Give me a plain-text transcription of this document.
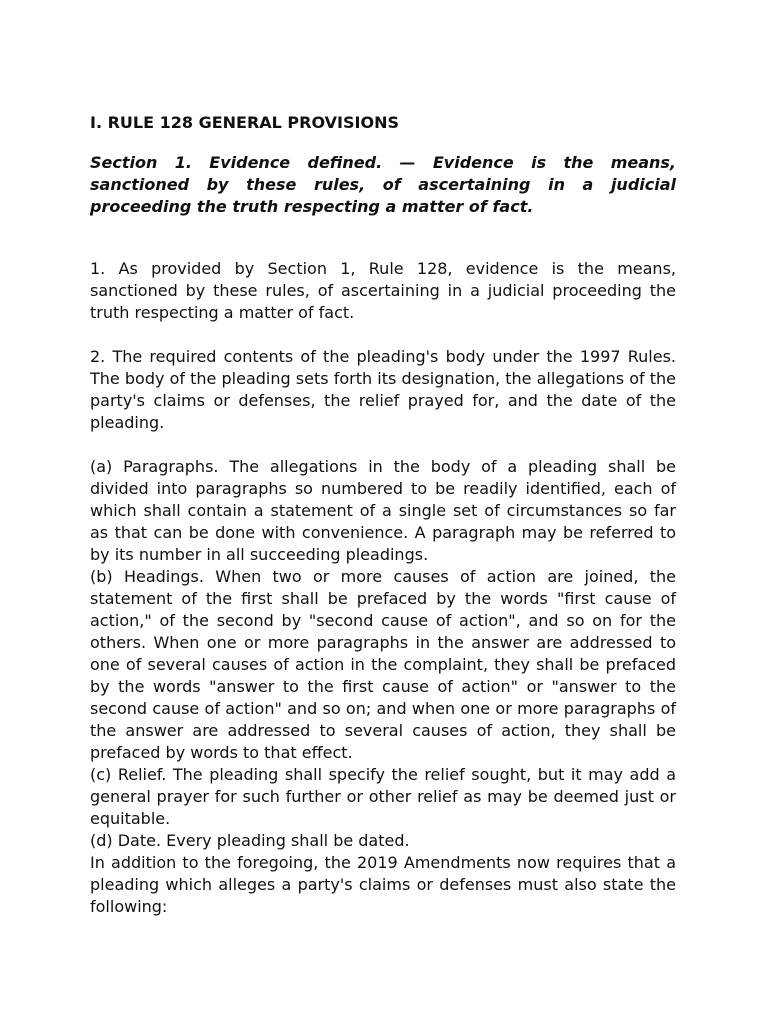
I. RULE 128 GENERAL PROVISIONS
Section 1. Evidence defined. — Evidence is the means, sanctioned by these rules, of ascertaining in a judicial proceeding the truth respecting a matter of fact.

1. As provided by Section 1, Rule 128, evidence is the means, sanctioned by these rules, of ascertaining in a judicial proceeding the truth respecting a matter of fact.

2. The required contents of the pleading's body under the 1997 Rules. The body of the pleading sets forth its designation, the allegations of the party's claims or defenses, the relief prayed for, and the date of the pleading.

(a) Paragraphs. The allegations in the body of a pleading shall be divided into paragraphs so numbered to be readily identified, each of which shall contain a statement of a single set of circumstances so far as that can be done with convenience. A paragraph may be referred to by its number in all succeeding pleadings.

(b) Headings. When two or more causes of action are joined, the statement of the first shall be prefaced by the words "first cause of action," of the second by "second cause of action", and so on for the others. When one or more paragraphs in the answer are addressed to one of several causes of action in the complaint, they shall be prefaced by the words "answer to the first cause of action" or "answer to the second cause of action" and so on; and when one or more paragraphs of the answer are addressed to several causes of action, they shall be prefaced by words to that effect.

(c) Relief. The pleading shall specify the relief sought, but it may add a general prayer for such further or other relief as may be deemed just or equitable.

(d) Date. Every pleading shall be dated.

In addition to the foregoing, the 2019 Amendments now requires that a pleading which alleges a party's claims or defenses must also state the following:
